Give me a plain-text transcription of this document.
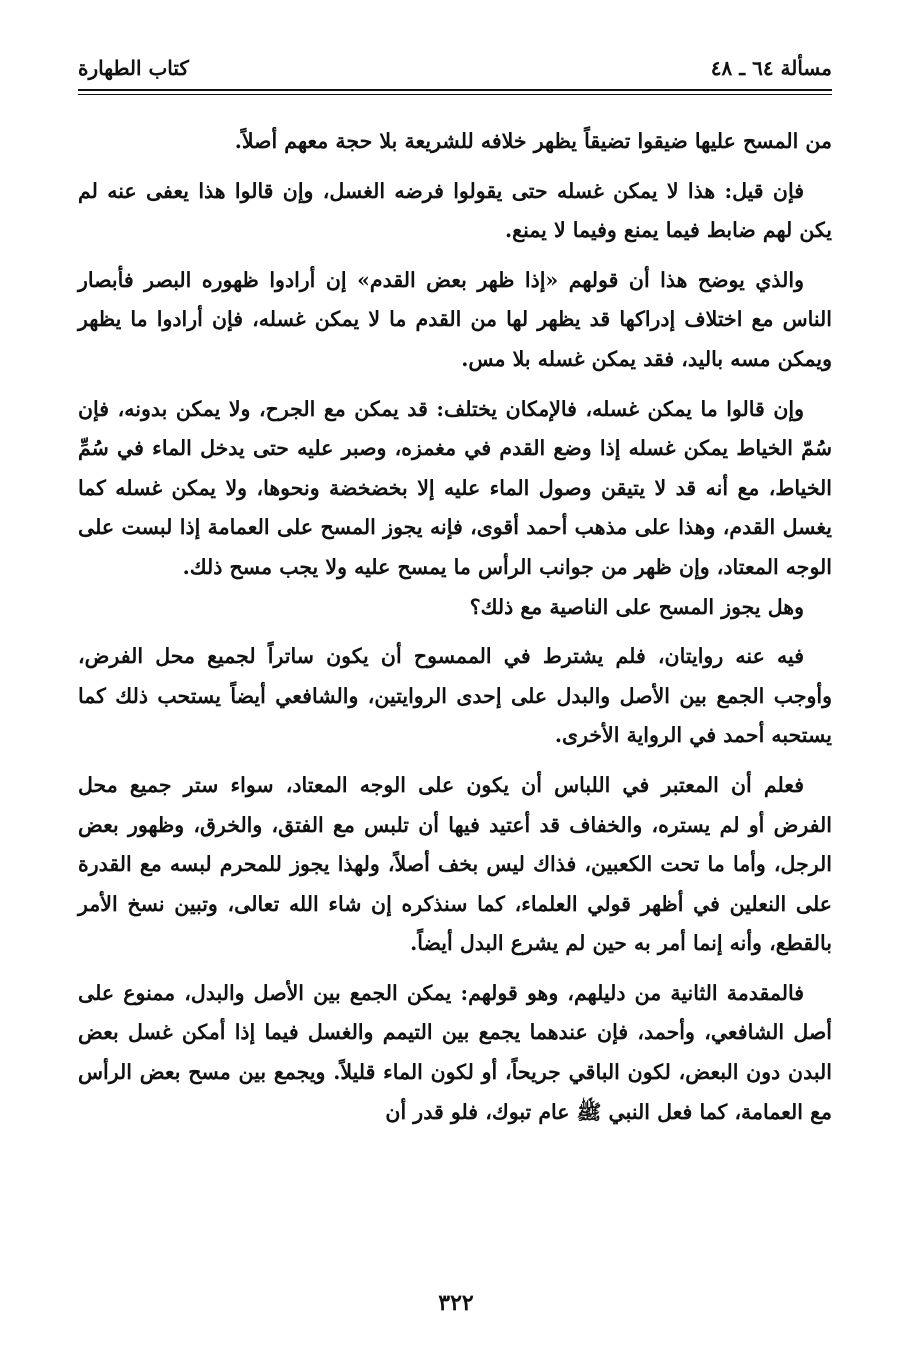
مسألة ٦٤ ـ ٤٨
كتاب الطهارة

من المسح عليها ضيقوا تضيقاً يظهر خلافه للشريعة بلا حجة معهم أصلاً.

فإن قيل: هذا لا يمكن غسله حتى يقولوا فرضه الغسل، وإن قالوا هذا يعفى عنه لم يكن لهم ضابط فيما يمنع وفيما لا يمنع.

والذي يوضح هذا أن قولهم «إذا ظهر بعض القدم» إن أرادوا ظهوره البصر فأبصار الناس مع اختلاف إدراكها قد يظهر لها من القدم ما لا يمكن غسله، فإن أرادوا ما يظهر ويمكن مسه باليد، فقد يمكن غسله بلا مس.

وإن قالوا ما يمكن غسله، فالإمكان يختلف: قد يمكن مع الجرح، ولا يمكن بدونه، فإن سُمّ الخياط يمكن غسله إذا وضع القدم في مغمزه، وصبر عليه حتى يدخل الماء في سُمِّ الخياط، مع أنه قد لا يتيقن وصول الماء عليه إلا بخضخضة ونحوها، ولا يمكن غسله كما يغسل القدم، وهذا على مذهب أحمد أقوى، فإنه يجوز المسح على العمامة إذا لبست على الوجه المعتاد، وإن ظهر من جوانب الرأس ما يمسح عليه ولا يجب مسح ذلك.

وهل يجوز المسح على الناصية مع ذلك؟

فيه عنه روايتان، فلم يشترط في الممسوح أن يكون ساتراً لجميع محل الفرض، وأوجب الجمع بين الأصل والبدل على إحدى الروايتين، والشافعي أيضاً يستحب ذلك كما يستحبه أحمد في الرواية الأخرى.

فعلم أن المعتبر في اللباس أن يكون على الوجه المعتاد، سواء ستر جميع محل الفرض أو لم يستره، والخفاف قد أعتيد فيها أن تلبس مع الفتق، والخرق، وظهور بعض الرجل، وأما ما تحت الكعبين، فذاك ليس بخف أصلاً، ولهذا يجوز للمحرم لبسه مع القدرة على النعلين في أظهر قولي العلماء، كما سنذكره إن شاء الله تعالى، وتبين نسخ الأمر بالقطع، وأنه إنما أمر به حين لم يشرع البدل أيضاً.

فالمقدمة الثانية من دليلهم، وهو قولهم: يمكن الجمع بين الأصل والبدل، ممنوع على أصل الشافعي، وأحمد، فإن عندهما يجمع بين التيمم والغسل فيما إذا أمكن غسل بعض البدن دون البعض، لكون الباقي جريحاً، أو لكون الماء قليلاً. ويجمع بين مسح بعض الرأس مع العمامة، كما فعل النبي ﷺ عام تبوك، فلو قدر أن

٣٢٢
